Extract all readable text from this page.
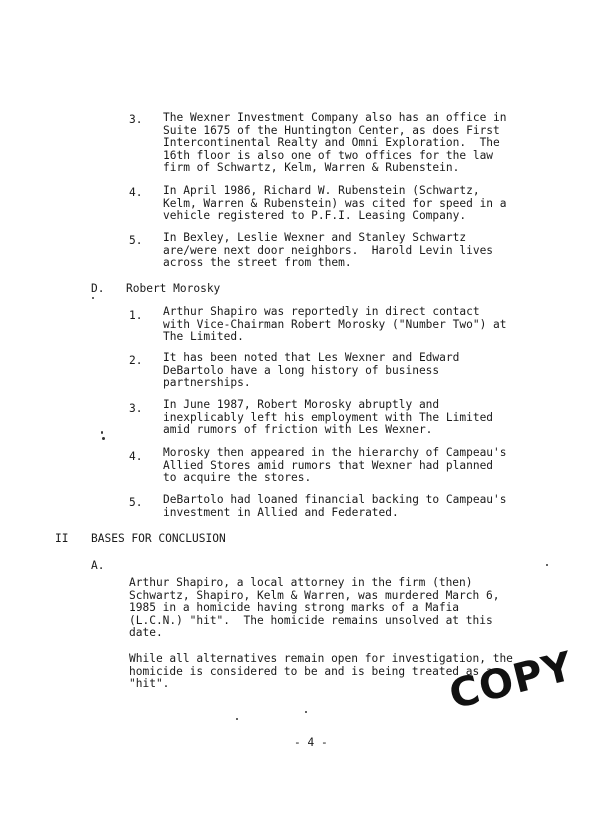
3.	The Wexner Investment Company also has an office in
Suite 1675 of the Huntington Center, as does First
Intercontinental Realty and Omni Exploration.  The
16th floor is also one of two offices for the law
firm of Schwartz, Kelm, Warren & Rubenstein.
4.	In April 1986, Richard W. Rubenstein (Schwartz,
Kelm, Warren & Rubenstein) was cited for speed in a
vehicle registered to P.F.I. Leasing Company.
5.	In Bexley, Leslie Wexner and Stanley Schwartz
are/were next door neighbors.  Harold Levin lives
across the street from them.
D. Robert Morosky
1.	Arthur Shapiro was reportedly in direct contact
with Vice-Chairman Robert Morosky ("Number Two") at
The Limited.
2.	It has been noted that Les Wexner and Edward
DeBartolo have a long history of business
partnerships.
3.	In June 1987, Robert Morosky abruptly and
inexplicably left his employment with The Limited
amid rumors of friction with Les Wexner.
4.	Morosky then appeared in the hierarchy of Campeau's
Allied Stores amid rumors that Wexner had planned
to acquire the stores.
5.	DeBartolo had loaned financial backing to Campeau's
investment in Allied and Federated.
II BASES FOR CONCLUSION
A.
Arthur Shapiro, a local attorney in the firm (then)
Schwartz, Shapiro, Kelm & Warren, was murdered March 6,
1985 in a homicide having strong marks of a Mafia
(L.C.N.) "hit".  The homicide remains unsolved at this
date.
While all alternatives remain open for investigation, the
homicide is considered to be and is being treated as a
"hit".
- 4 -
COPY
